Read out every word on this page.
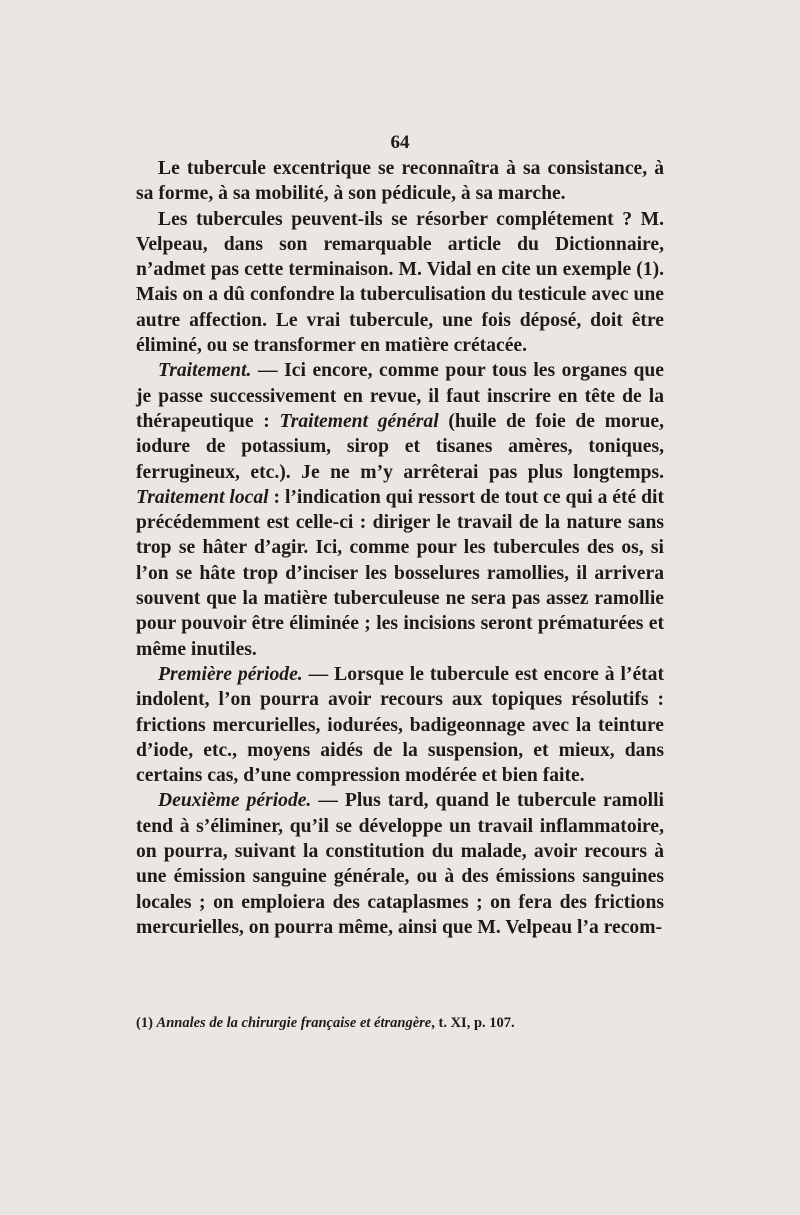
64

Le tubercule excentrique se reconnaîtra à sa consistance, à sa forme, à sa mobilité, à son pédicule, à sa marche.

Les tubercules peuvent-ils se résorber complétement ? M. Velpeau, dans son remarquable article du Dictionnaire, n’admet pas cette terminaison. M. Vidal en cite un exemple (1). Mais on a dû confondre la tuberculisation du testicule avec une autre affection. Le vrai tubercule, une fois déposé, doit être éliminé, ou se transformer en matière crétacée.

Traitement. — Ici encore, comme pour tous les organes que je passe successivement en revue, il faut inscrire en tête de la thérapeutique : Traitement général (huile de foie de morue, iodure de potassium, sirop et tisanes amères, toniques, ferrugineux, etc.). Je ne m’y arrêterai pas plus longtemps. Traitement local : l’indication qui ressort de tout ce qui a été dit précédemment est celle-ci : diriger le travail de la nature sans trop se hâter d’agir. Ici, comme pour les tubercules des os, si l’on se hâte trop d’inciser les bosselures ramollies, il arrivera souvent que la matière tuberculeuse ne sera pas assez ramollie pour pouvoir être éliminée ; les incisions seront prématurées et même inutiles.

Première période. — Lorsque le tubercule est encore à l’état indolent, l’on pourra avoir recours aux topiques résolutifs : frictions mercurielles, iodurées, badigeonnage avec la teinture d’iode, etc., moyens aidés de la suspension, et mieux, dans certains cas, d’une compression modérée et bien faite.

Deuxième période. — Plus tard, quand le tubercule ramolli tend à s’éliminer, qu’il se développe un travail inflammatoire, on pourra, suivant la constitution du malade, avoir recours à une émission sanguine générale, ou à des émissions sanguines locales ; on emploiera des cataplasmes ; on fera des frictions mercurielles, on pourra même, ainsi que M. Velpeau l’a recom-

(1) Annales de la chirurgie française et étrangère, t. XI, p. 107.
